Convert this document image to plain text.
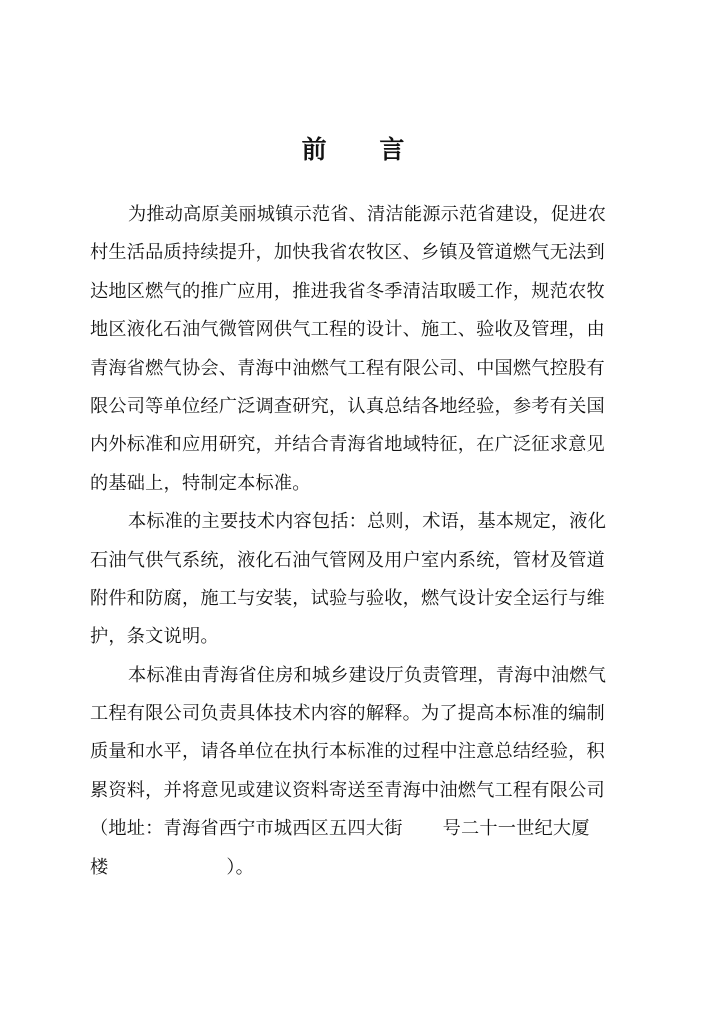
前 言
为推动高原美丽城镇示范省、清洁能源示范省建设，促进农
村生活品质持续提升，加快我省农牧区、乡镇及管道燃气无法到
达地区燃气的推广应用，推进我省冬季清洁取暖工作，规范农牧
地区液化石油气微管网供气工程的设计、施工、验收及管理，由
青海省燃气协会、青海中油燃气工程有限公司、中国燃气控股有
限公司等单位经广泛调查研究，认真总结各地经验，参考有关国
内外标准和应用研究，并结合青海省地域特征，在广泛征求意见
的基础上，特制定本标准。
本标准的主要技术内容包括：总则，术语，基本规定，液化
石油气供气系统，液化石油气管网及用户室内系统，管材及管道
附件和防腐，施工与安装，试验与验收，燃气设计安全运行与维
护，条文说明。
本标准由青海省住房和城乡建设厅负责管理，青海中油燃气
工程有限公司负责具体技术内容的解释。为了提高本标准的编制
质量和水平，请各单位在执行本标准的过程中注意总结经验，积
累资料，并将意见或建议资料寄送至青海中油燃气工程有限公司
（地址：青海省西宁市城西区五四大街 号二十一世纪大厦
楼	）。
